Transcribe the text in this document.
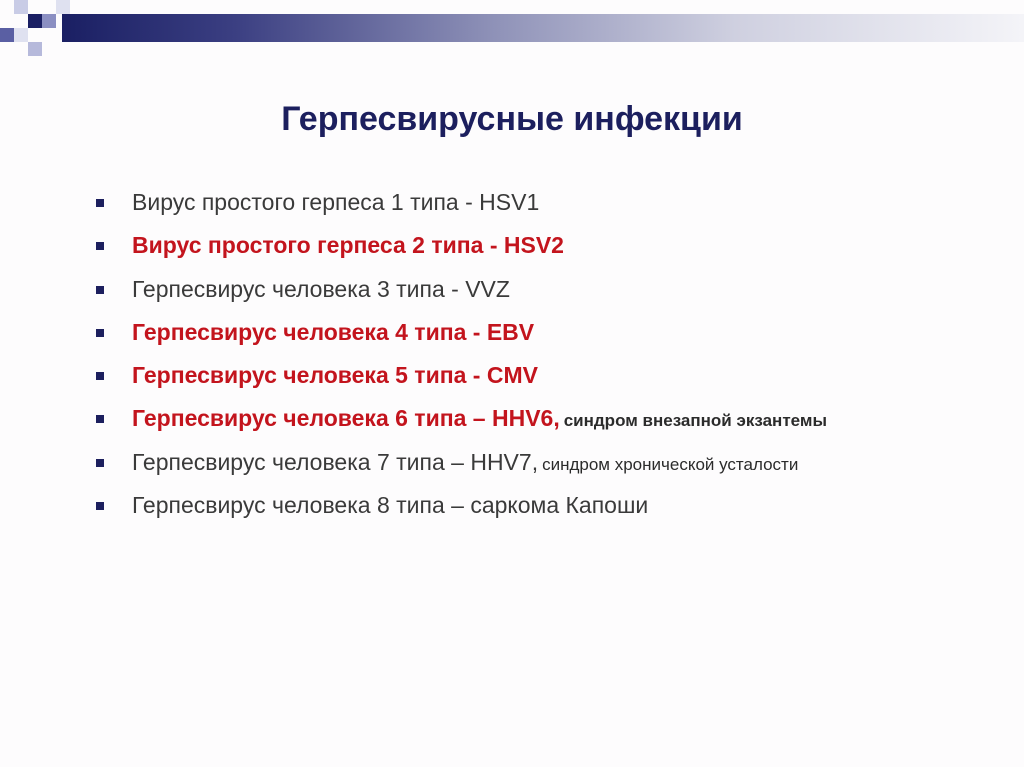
Герпесвирусные инфекции
Вирус простого герпеса 1 типа - HSV1
Вирус простого герпеса 2 типа - HSV2
Герпесвирус человека 3 типа - VVZ
Герпесвирус человека 4 типа - EBV
Герпесвирус человека 5 типа - CMV
Герпесвирус человека 6 типа – HHV6, синдром внезапной экзантемы
Герпесвирус человека 7 типа – HHV7, синдром хронической усталости
Герпесвирус человека 8 типа – саркома Капоши
